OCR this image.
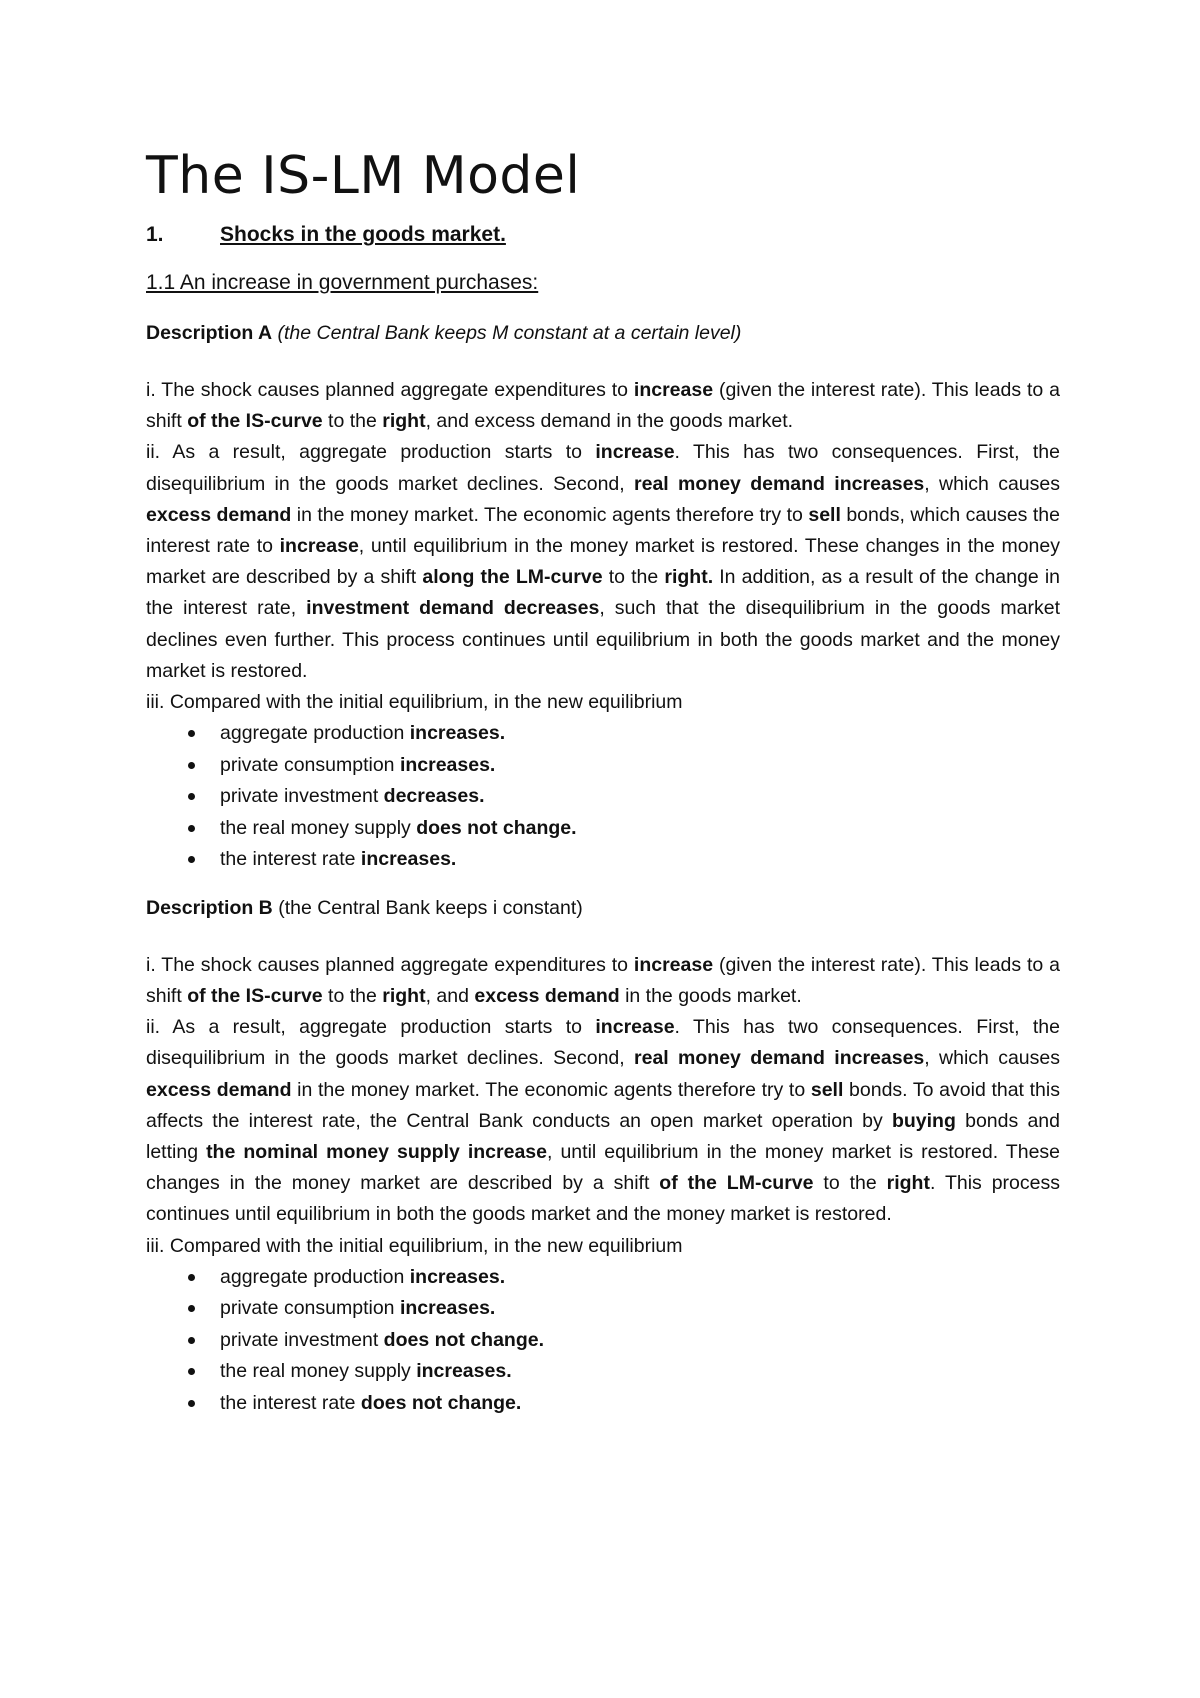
The IS-LM Model
1.	Shocks in the goods market.
1.1 An increase in government purchases:
Description A (the Central Bank keeps M constant at a certain level)

i. The shock causes planned aggregate expenditures to increase (given the interest rate). This leads to a shift of the IS-curve to the right, and excess demand in the goods market.

ii. As a result, aggregate production starts to increase. This has two consequences. First, the disequilibrium in the goods market declines. Second, real money demand increases, which causes excess demand in the money market. The economic agents therefore try to sell bonds, which causes the interest rate to increase, until equilibrium in the money market is restored. These changes in the money market are described by a shift along the LM-curve to the right. In addition, as a result of the change in the interest rate, investment demand decreases, such that the disequilibrium in the goods market declines even further. This process continues until equilibrium in both the goods market and the money market is restored.

iii. Compared with the initial equilibrium, in the new equilibrium

aggregate production increases.
private consumption increases.
private investment decreases.
the real money supply does not change.
the interest rate increases.
Description B (the Central Bank keeps i constant)

i. The shock causes planned aggregate expenditures to increase (given the interest rate). This leads to a shift of the IS-curve to the right, and excess demand in the goods market.

ii. As a result, aggregate production starts to increase. This has two consequences. First, the disequilibrium in the goods market declines. Second, real money demand increases, which causes excess demand in the money market. The economic agents therefore try to sell bonds. To avoid that this affects the interest rate, the Central Bank conducts an open market operation by buying bonds and letting the nominal money supply increase, until equilibrium in the money market is restored. These changes in the money market are described by a shift of the LM-curve to the right. This process continues until equilibrium in both the goods market and the money market is restored.

iii. Compared with the initial equilibrium, in the new equilibrium

aggregate production increases.
private consumption increases.
private investment does not change.
the real money supply increases.
the interest rate does not change.
